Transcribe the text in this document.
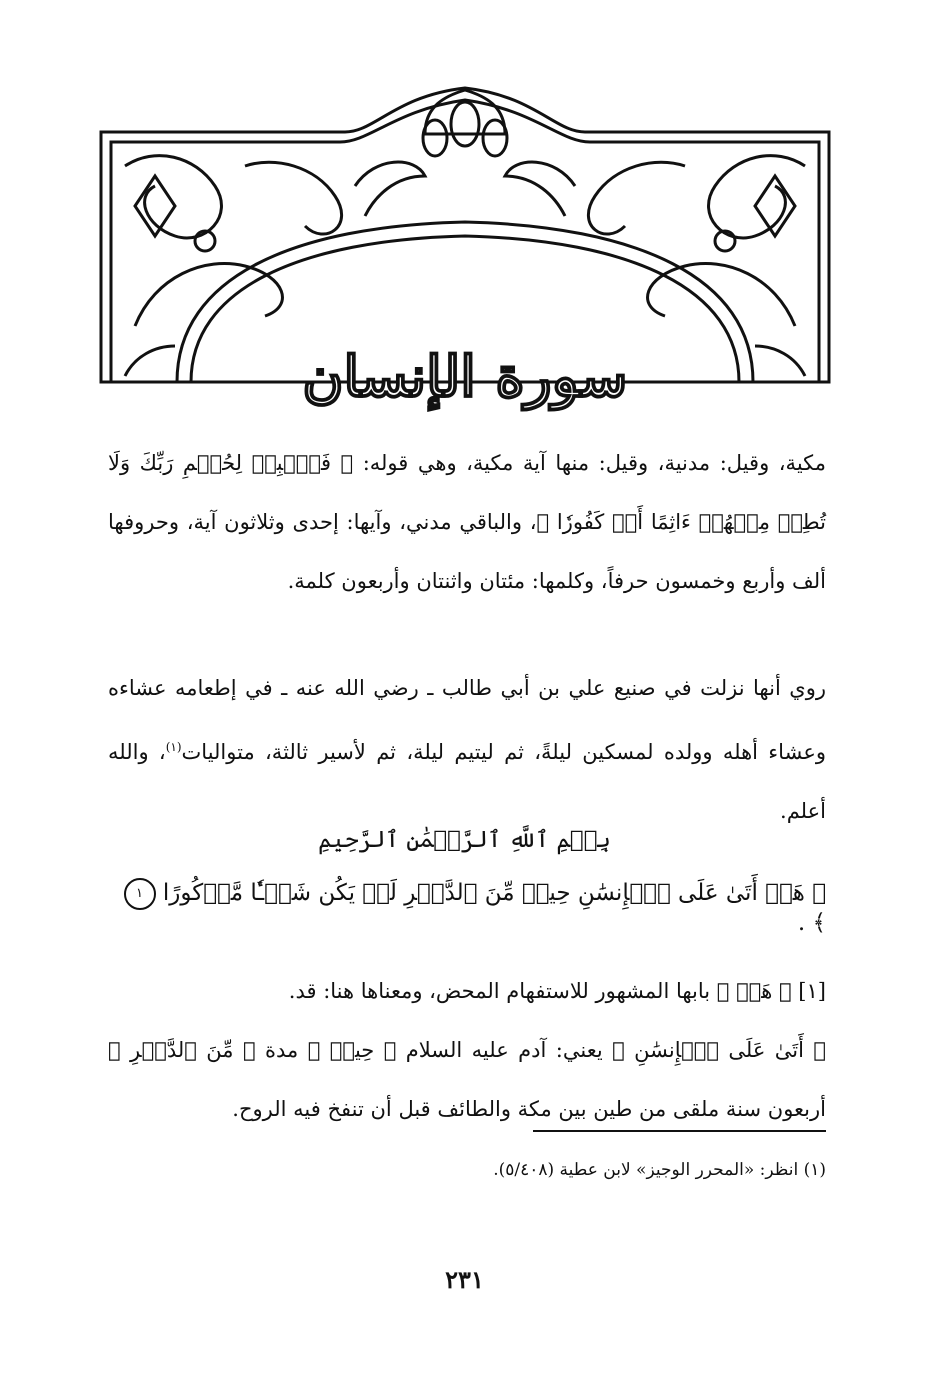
سورة الإنسان

مكية، وقيل: مدنية، وقيل: منها آية مكية، وهي قوله: ﴿ فَٱصۡبِرۡ لِحُكۡمِ رَبِّكَ وَلَا تُطِعۡ مِنۡهُمۡ ءَاثِمًا أَوۡ كَفُورٗا ﴾، والباقي مدني، وآيها: إحدى وثلاثون آية، وحروفها ألف وأربع وخمسون حرفاً، وكلمها: مئتان واثنتان وأربعون كلمة.

روي أنها نزلت في صنيع علي بن أبي طالب ـ رضي الله عنه ـ في إطعامه عشاءه وعشاء أهله وولده لمسكين ليلةً، ثم ليتيم ليلة، ثم لأسير ثالثة، متواليات$^{(١)}$، والله أعلم.

بِسۡمِ ٱللَّهِ ٱلرَّحۡمَٰنِ ٱلرَّحِيمِ
﴿ هَلۡ أَتَىٰ عَلَى ٱلۡإِنسَٰنِ حِينٞ مِّنَ ٱلدَّهۡرِ لَمۡ يَكُن شَيۡـٔٗا مَّذۡكُورًا ١ ﴾ .

[١] ﴿ هَلۡ ﴾ بابها المشهور للاستفهام المحض، ومعناها هنا: قد.

﴿ أَتَىٰ عَلَى ٱلۡإِنسَٰنِ ﴾ يعني: آدم عليه السلام ﴿ حِينٞ ﴾ مدة ﴿ مِّنَ ٱلدَّهۡرِ ﴾ أربعون سنة ملقى من طين بين مكة والطائف قبل أن تنفخ فيه الروح.

(١) انظر: «المحرر الوجيز» لابن عطية (٥/٤٠٨).
٢٣١
